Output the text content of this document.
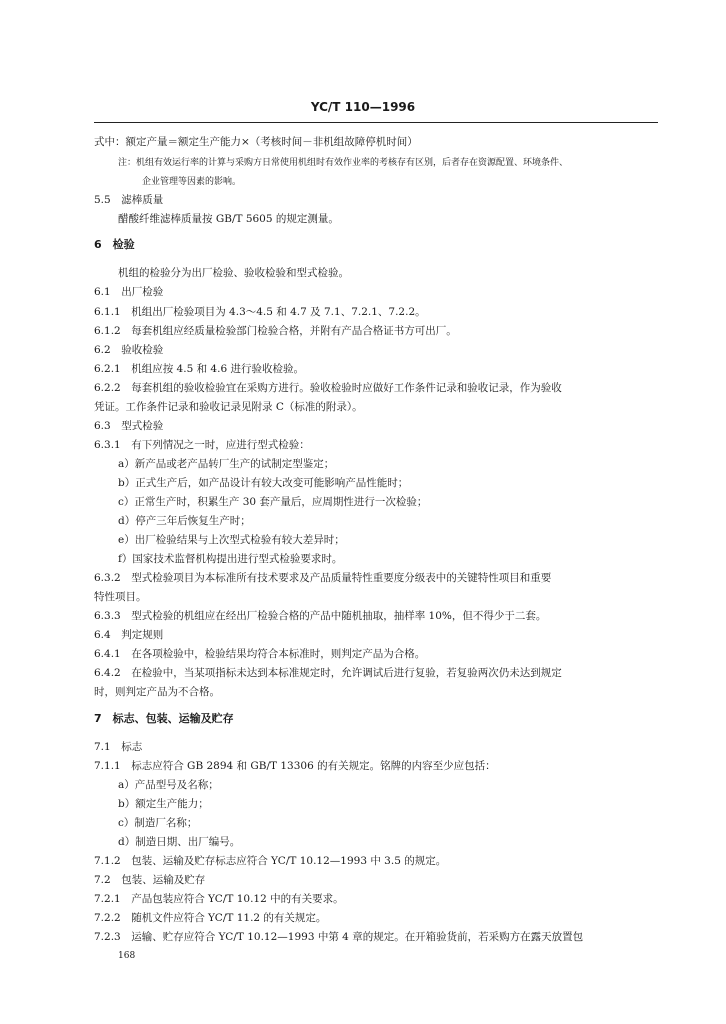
YC/T 110—1996
式中：额定产量＝额定生产能力×（考核时间－非机组故障停机时间）
注：机组有效运行率的计算与采购方日常使用机组时有效作业率的考核存有区别，后者存在资源配置、环境条件、
企业管理等因素的影响。
5.5　滤棒质量
醋酸纤维滤棒质量按 GB/T 5605 的规定测量。
6　检验
机组的检验分为出厂检验、验收检验和型式检验。
6.1　出厂检验
6.1.1　机组出厂检验项目为 4.3～4.5 和 4.7 及 7.1、7.2.1、7.2.2。
6.1.2　每套机组应经质量检验部门检验合格，并附有产品合格证书方可出厂。
6.2　验收检验
6.2.1　机组应按 4.5 和 4.6 进行验收检验。
6.2.2　每套机组的验收检验宜在采购方进行。验收检验时应做好工作条件记录和验收记录，作为验收
凭证。工作条件记录和验收记录见附录 C（标准的附录）。
6.3　型式检验
6.3.1　有下列情况之一时，应进行型式检验：
a）新产品或老产品转厂生产的试制定型鉴定；
b）正式生产后，如产品设计有较大改变可能影响产品性能时；
c）正常生产时，积累生产 30 套产量后，应周期性进行一次检验；
d）停产三年后恢复生产时；
e）出厂检验结果与上次型式检验有较大差异时；
f）国家技术监督机构提出进行型式检验要求时。
6.3.2　型式检验项目为本标准所有技术要求及产品质量特性重要度分级表中的关键特性项目和重要
特性项目。
6.3.3　型式检验的机组应在经出厂检验合格的产品中随机抽取，抽样率 10%，但不得少于二套。
6.4　判定规则
6.4.1　在各项检验中，检验结果均符合本标准时，则判定产品为合格。
6.4.2　在检验中，当某项指标未达到本标准规定时，允许调试后进行复验，若复验两次仍未达到规定
时，则判定产品为不合格。
7　标志、包装、运输及贮存
7.1　标志
7.1.1　标志应符合 GB 2894 和 GB/T 13306 的有关规定。铭牌的内容至少应包括：
a）产品型号及名称；
b）额定生产能力；
c）制造厂名称；
d）制造日期、出厂编号。
7.1.2　包装、运输及贮存标志应符合 YC/T 10.12—1993 中 3.5 的规定。
7.2　包装、运输及贮存
7.2.1　产品包装应符合 YC/T 10.12 中的有关要求。
7.2.2　随机文件应符合 YC/T 11.2 的有关规定。
7.2.3　运输、贮存应符合 YC/T 10.12—1993 中第 4 章的规定。在开箱验货前，若采购方在露天放置包
168
